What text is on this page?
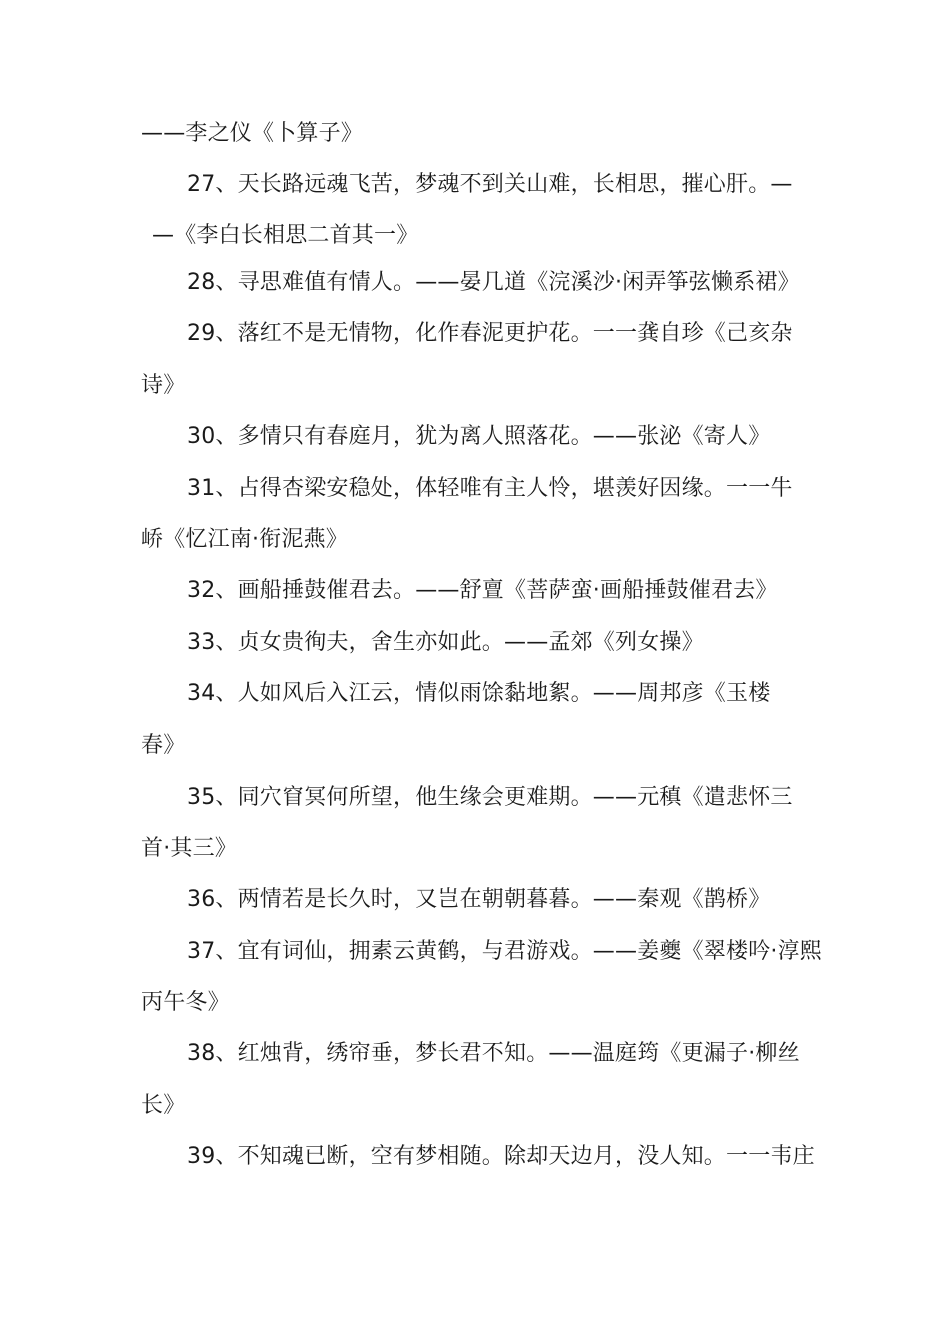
——李之仪《卜算子》
27、天长路远魂飞苦，梦魂不到关山难，长相思，摧心肝。—
—《李白长相思二首其一》
28、寻思难值有情人。——晏几道《浣溪沙·闲弄筝弦懒系裙》
29、落红不是无情物，化作春泥更护花。一一龚自珍《己亥杂
诗》
30、多情只有春庭月，犹为离人照落花。——张泌《寄人》
31、占得杏梁安稳处，体轻唯有主人怜，堪羡好因缘。一一牛
峤《忆江南·衔泥燕》
32、画船捶鼓催君去。——舒亶《菩萨蛮·画船捶鼓催君去》
33、贞女贵徇夫，舍生亦如此。——孟郊《列女操》
34、人如风后入江云，情似雨馀黏地絮。——周邦彦《玉楼
春》
35、同穴窅冥何所望，他生缘会更难期。——元稹《遣悲怀三
首·其三》
36、两情若是长久时，又岂在朝朝暮暮。——秦观《鹊桥》
37、宜有词仙，拥素云黄鹤，与君游戏。——姜夔《翠楼吟·淳熙
丙午冬》
38、红烛背，绣帘垂，梦长君不知。——温庭筠《更漏子·柳丝
长》
39、不知魂已断，空有梦相随。除却天边月，没人知。一一韦庄
